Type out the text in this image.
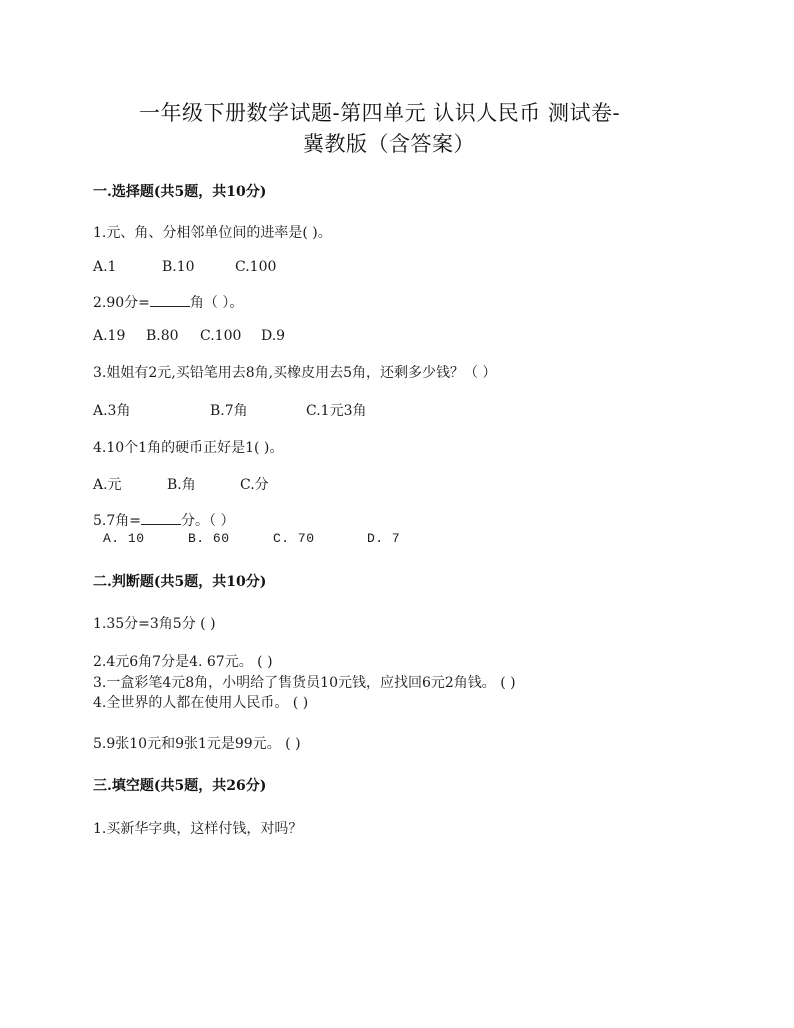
一年级下册数学试题-第四单元 认识人民币 测试卷-
冀教版（含答案）
一.选择题(共5题，共10分)
1.元、角、分相邻单位间的进率是( )。
A.1	B.10	C.100
2.90分=	角（ ）。
A.19 B.80 C.100 D.9
3.姐姐有2元,买铅笔用去8角,买橡皮用去5角，还剩多少钱？（ ）
A.3角	B.7角	C.1元3角
4.10个1角的硬币正好是1( )。
A.元	B.角	C.分
5.7角=	分。（ ）
A. 10	B. 60	C. 70	D. 7
二.判断题(共5题，共10分)
1.35分=3角5分 ( )
2.4元6角7分是4. 67元。 ( )
3.一盒彩笔4元8角，小明给了售货员10元钱，应找回6元2角钱。 ( )
4.全世界的人都在使用人民币。 ( )
5.9张10元和9张1元是99元。 ( )
三.填空题(共5题，共26分)
1.买新华字典，这样付钱，对吗？
